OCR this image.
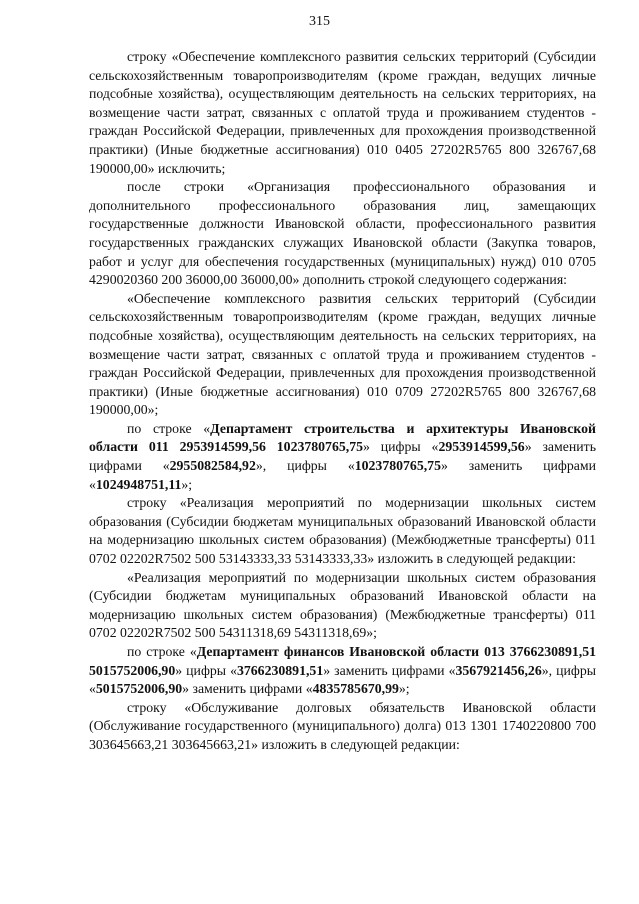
315

строку «Обеспечение комплексного развития сельских территорий (Субсидии сельскохозяйственным товаропроизводителям (кроме граждан, ведущих личные подсобные хозяйства), осуществляющим деятельность на сельских территориях, на возмещение части затрат, связанных с оплатой труда и проживанием студентов - граждан Российской Федерации, привлеченных для прохождения производственной практики) (Иные бюджетные ассигнования) 010 0405 27202R5765 800 326767,68 190000,00» исключить;

после строки «Организация профессионального образования и дополнительного профессионального образования лиц, замещающих государственные должности Ивановской области, профессионального развития государственных гражданских служащих Ивановской области (Закупка товаров, работ и услуг для обеспечения государственных (муниципальных) нужд) 010 0705 4290020360 200 36000,00 36000,00» дополнить строкой следующего содержания:

«Обеспечение комплексного развития сельских территорий (Субсидии сельскохозяйственным товаропроизводителям (кроме граждан, ведущих личные подсобные хозяйства), осуществляющим деятельность на сельских территориях, на возмещение части затрат, связанных с оплатой труда и проживанием студентов - граждан Российской Федерации, привлеченных для прохождения производственной практики) (Иные бюджетные ассигнования) 010 0709 27202R5765 800 326767,68 190000,00»;

по строке «Департамент строительства и архитектуры Ивановской области 011 2953914599,56 1023780765,75» цифры «2953914599,56» заменить цифрами «2955082584,92», цифры «1023780765,75» заменить цифрами «1024948751,11»;

строку «Реализация мероприятий по модернизации школьных систем образования (Субсидии бюджетам муниципальных образований Ивановской области на модернизацию школьных систем образования) (Межбюджетные трансферты) 011 0702 02202R7502 500 53143333,33 53143333,33» изложить в следующей редакции:

«Реализация мероприятий по модернизации школьных систем образования (Субсидии бюджетам муниципальных образований Ивановской области на модернизацию школьных систем образования) (Межбюджетные трансферты) 011 0702 02202R7502 500 54311318,69 54311318,69»;

по строке «Департамент финансов Ивановской области 013 3766230891,51 5015752006,90» цифры «3766230891,51» заменить цифрами «3567921456,26», цифры «5015752006,90» заменить цифрами «4835785670,99»;

строку «Обслуживание долговых обязательств Ивановской области (Обслуживание государственного (муниципального) долга) 013 1301 1740220800 700 303645663,21 303645663,21» изложить в следующей редакции:
